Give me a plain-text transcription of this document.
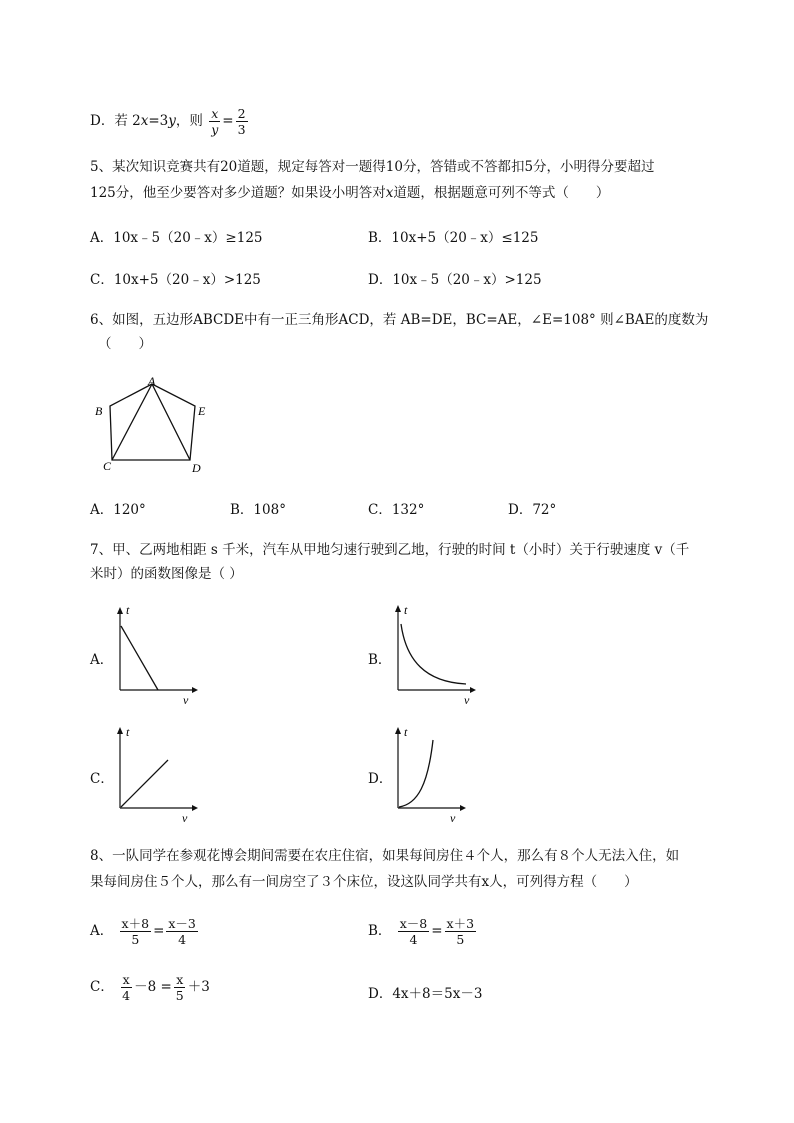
D．若 2x=3y，则 $\frac{x}{y} = \frac{2}{3}$
5、某次知识竞赛共有20道题，规定每答对一题得10分，答错或不答都扣5分，小明得分要超过
125分，他至少要答对多少道题？如果设小明答对x道题，根据题意可列不等式（　　）
A．10x﹣5（20﹣x）≥125	B．10x+5（20﹣x）≤125
C．10x+5（20﹣x）>125	D．10x﹣5（20﹣x）>125
6、如图，五边形ABCDE中有一正三角形ACD，若 AB=DE，BC=AE，∠E=108° 则∠BAE的度数为
（　　）
A
B
C	D
E
A．120°	B．108°	C．132°	D．72°
7、甲、乙两地相距 s 千米，汽车从甲地匀速行驶到乙地，行驶的时间 t（小时）关于行驶速度 v（千
米时）的函数图像是（ ）
A．
t
v
B．
t
v
C．
t
v
D．
t
v
8、一队同学在参观花博会期间需要在农庄住宿，如果每间房住４个人，那么有８个人无法入住，如
果每间房住５个人，那么有一间房空了３个床位，设这队同学共有x人，可列得方程（　　）
A． $\frac{x+8}{5} = \frac{x-3}{4}$	B． $\frac{x-8}{4} = \frac{x+3}{5}$
C． $\frac{x}{4} -8 = \frac{x}{5} +3$	D．4x＋8＝5x－3
